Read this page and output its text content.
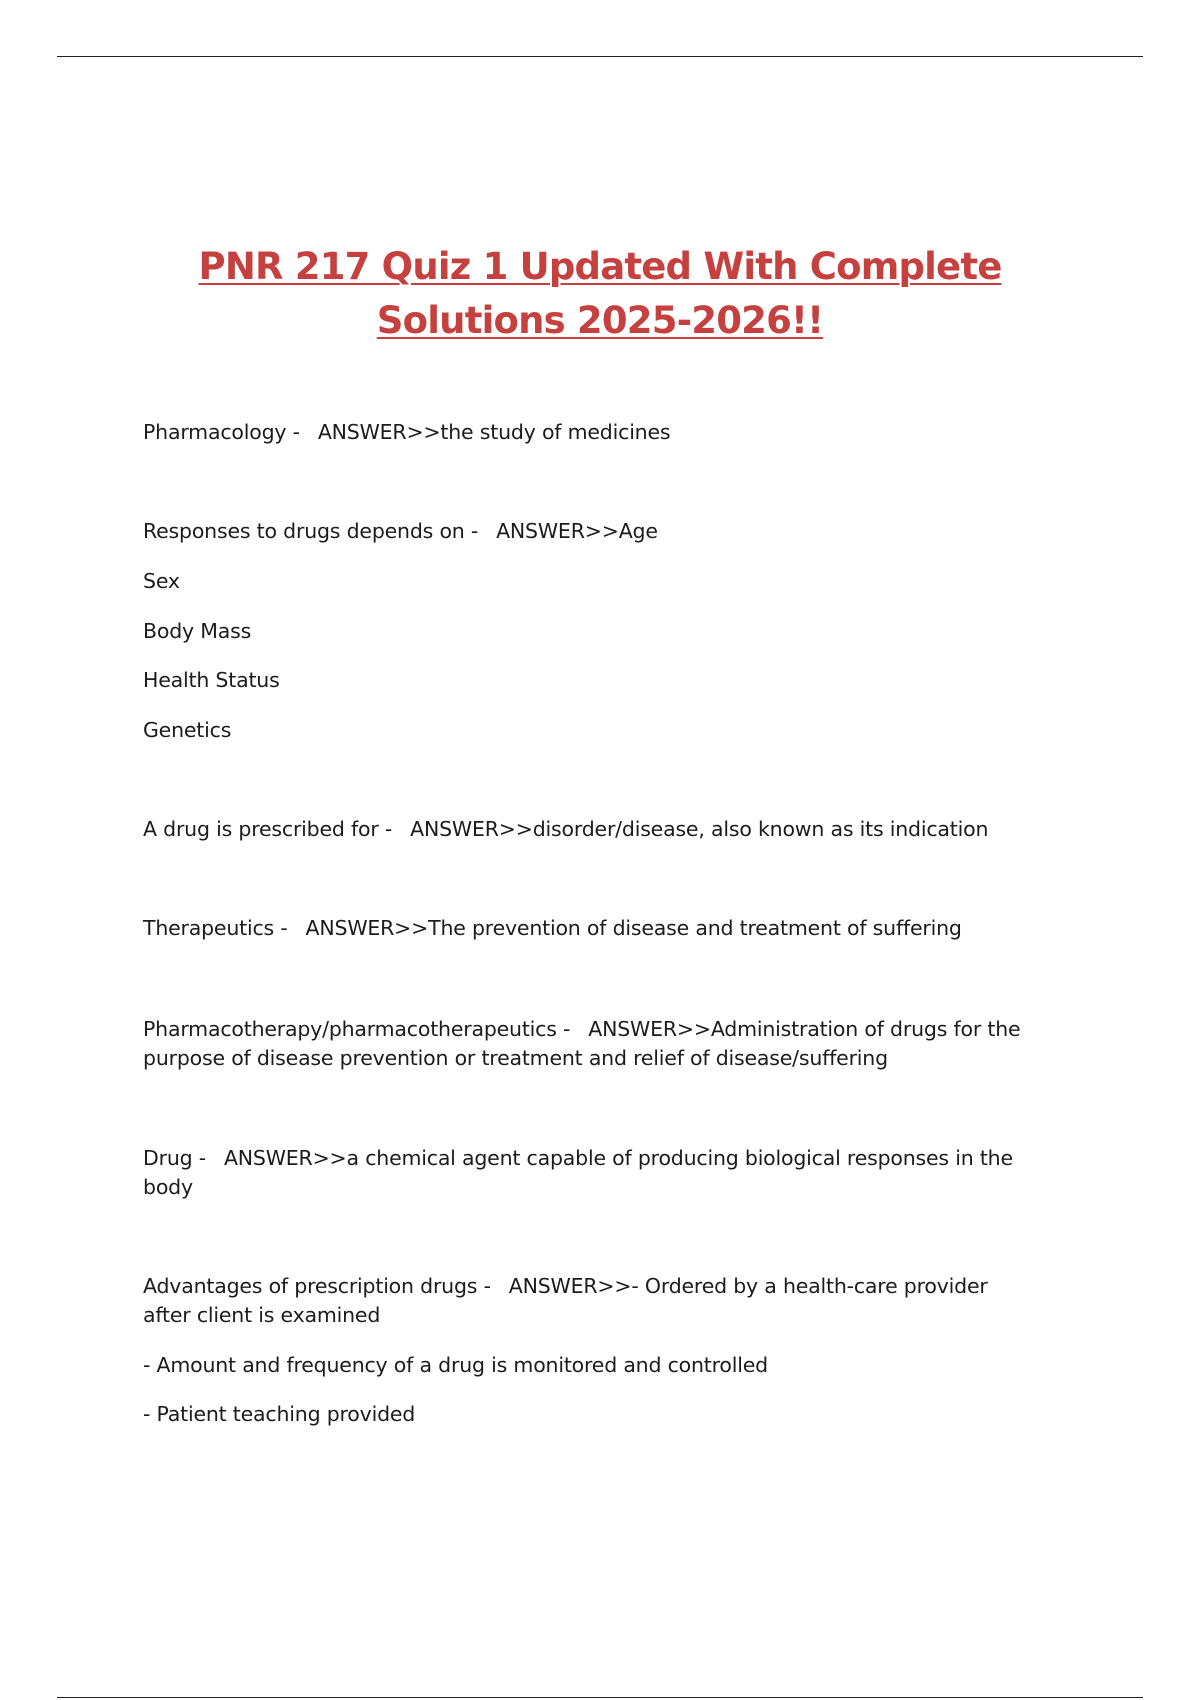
PNR 217 Quiz 1 Updated With Complete
Solutions 2025-2026!!
Pharmacology - ANSWER>>the study of medicines
Responses to drugs depends on - ANSWER>>Age
Sex
Body Mass
Health Status
Genetics
A drug is prescribed for - ANSWER>>disorder/disease, also known as its indication
Therapeutics - ANSWER>>The prevention of disease and treatment of suffering
Pharmacotherapy/pharmacotherapeutics - ANSWER>>Administration of drugs for the
purpose of disease prevention or treatment and relief of disease/suffering
Drug - ANSWER>>a chemical agent capable of producing biological responses in the
body
Advantages of prescription drugs - ANSWER>>- Ordered by a health-care provider
after client is examined
- Amount and frequency of a drug is monitored and controlled
- Patient teaching provided
